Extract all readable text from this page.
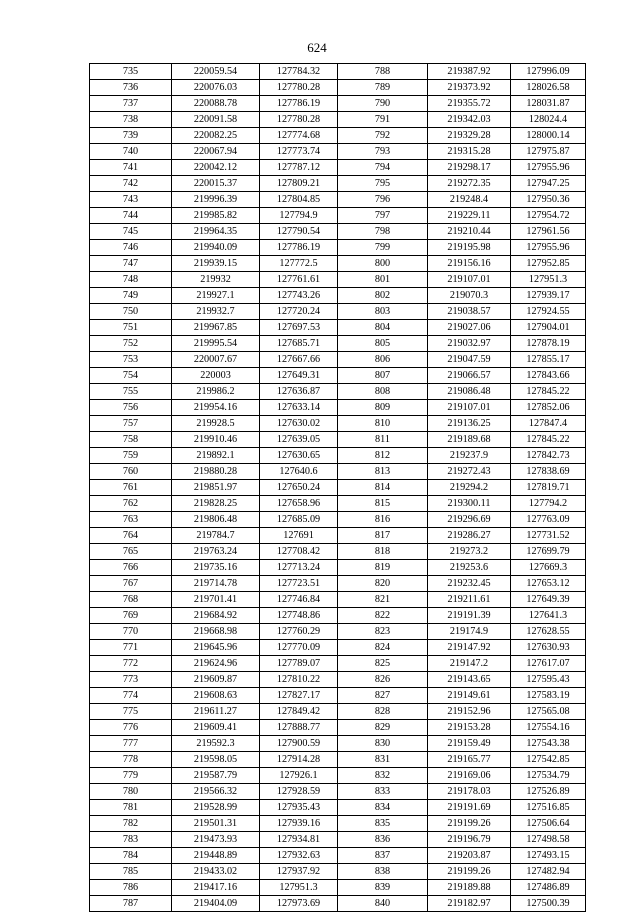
624
735	220059.54	127784.32	788	219387.92	127996.09
736	220076.03	127780.28	789	219373.92	128026.58
737	220088.78	127786.19	790	219355.72	128031.87
738	220091.58	127780.28	791	219342.03	128024.4
739	220082.25	127774.68	792	219329.28	128000.14
740	220067.94	127773.74	793	219315.28	127975.87
741	220042.12	127787.12	794	219298.17	127955.96
742	220015.37	127809.21	795	219272.35	127947.25
743	219996.39	127804.85	796	219248.4	127950.36
744	219985.82	127794.9	797	219229.11	127954.72
745	219964.35	127790.54	798	219210.44	127961.56
746	219940.09	127786.19	799	219195.98	127955.96
747	219939.15	127772.5	800	219156.16	127952.85
748	219932	127761.61	801	219107.01	127951.3
749	219927.1	127743.26	802	219070.3	127939.17
750	219932.7	127720.24	803	219038.57	127924.55
751	219967.85	127697.53	804	219027.06	127904.01
752	219995.54	127685.71	805	219032.97	127878.19
753	220007.67	127667.66	806	219047.59	127855.17
754	220003	127649.31	807	219066.57	127843.66
755	219986.2	127636.87	808	219086.48	127845.22
756	219954.16	127633.14	809	219107.01	127852.06
757	219928.5	127630.02	810	219136.25	127847.4
758	219910.46	127639.05	811	219189.68	127845.22
759	219892.1	127630.65	812	219237.9	127842.73
760	219880.28	127640.6	813	219272.43	127838.69
761	219851.97	127650.24	814	219294.2	127819.71
762	219828.25	127658.96	815	219300.11	127794.2
763	219806.48	127685.09	816	219296.69	127763.09
764	219784.7	127691	817	219286.27	127731.52
765	219763.24	127708.42	818	219273.2	127699.79
766	219735.16	127713.24	819	219253.6	127669.3
767	219714.78	127723.51	820	219232.45	127653.12
768	219701.41	127746.84	821	219211.61	127649.39
769	219684.92	127748.86	822	219191.39	127641.3
770	219668.98	127760.29	823	219174.9	127628.55
771	219645.96	127770.09	824	219147.92	127630.93
772	219624.96	127789.07	825	219147.2	127617.07
773	219609.87	127810.22	826	219143.65	127595.43
774	219608.63	127827.17	827	219149.61	127583.19
775	219611.27	127849.42	828	219152.96	127565.08
776	219609.41	127888.77	829	219153.28	127554.16
777	219592.3	127900.59	830	219159.49	127543.38
778	219598.05	127914.28	831	219165.77	127542.85
779	219587.79	127926.1	832	219169.06	127534.79
780	219566.32	127928.59	833	219178.03	127526.89
781	219528.99	127935.43	834	219191.69	127516.85
782	219501.31	127939.16	835	219199.26	127506.64
783	219473.93	127934.81	836	219196.79	127498.58
784	219448.89	127932.63	837	219203.87	127493.15
785	219433.02	127937.92	838	219199.26	127482.94
786	219417.16	127951.3	839	219189.88	127486.89
787	219404.09	127973.69	840	219182.97	127500.39
